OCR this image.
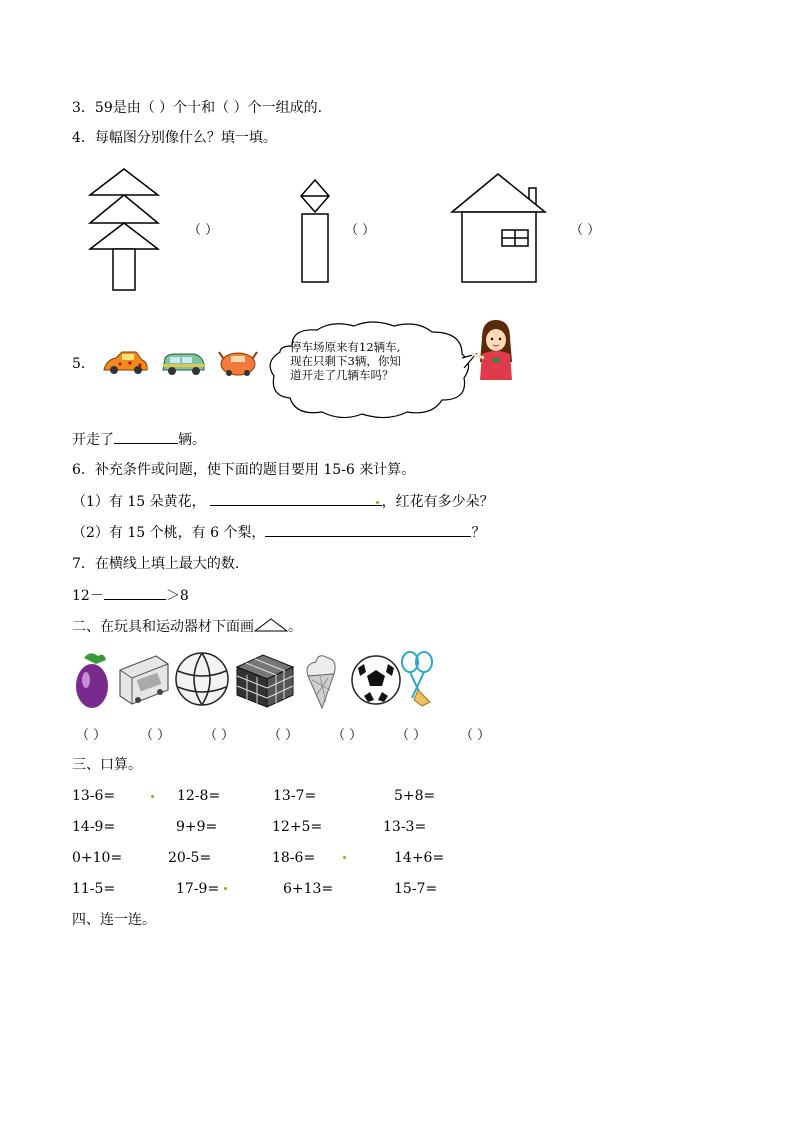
3．59是由（ ）个十和（ ）个一组成的.
4．每幅图分别像什么？填一填。
（ ）	（ ）	（ ）
5．
停车场原来有12辆车,
现在只剩下3辆，你知
道开走了几辆车吗？
开走了	辆。
6．补充条件或问题，使下面的题目要用 15-6 来计算。
（1）有 15 朵黄花，	，红花有多少朵？
（2）有 15 个桃，有 6 个梨，	？
7．在横线上填上最大的数.
12－	＞8
二、在玩具和运动器材下面画 。
（ ）	（ ）	（ ）	（ ）	（ ）	（ ）	（ ）
三、口算。
13-6=	12-8=	13-7=	5+8=
14-9=	9+9=	12+5=	13-3=
0+10=	20-5=	18-6=	14+6=
11-5=	17-9=	6+13=	15-7=
四、连一连。
